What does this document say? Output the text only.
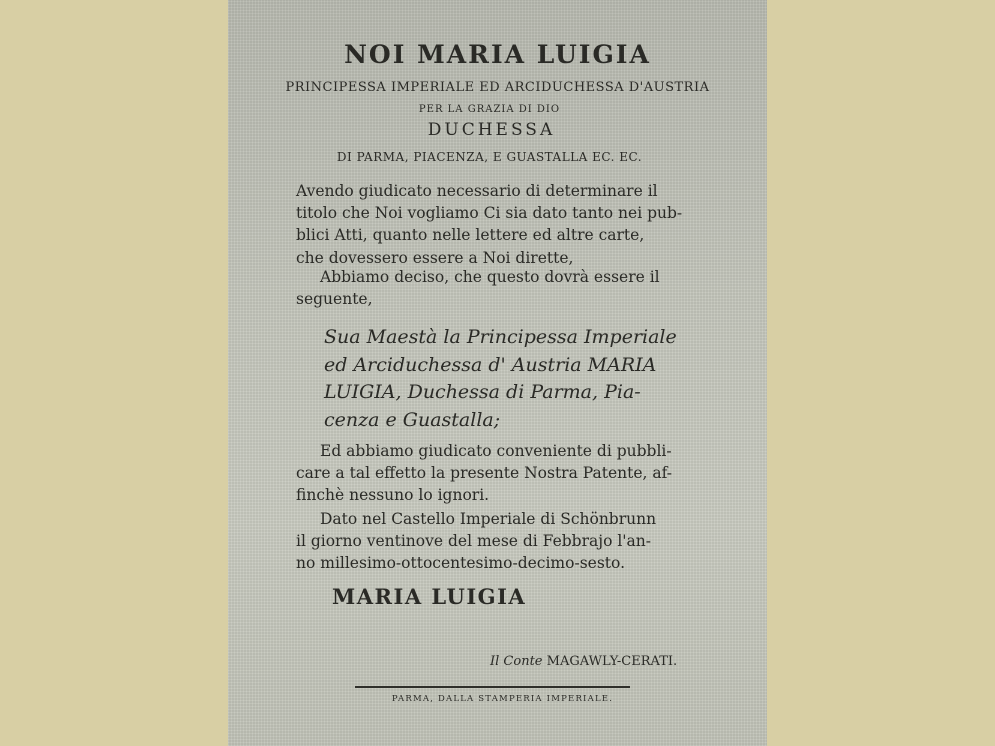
NOI MARIA LUIGIA
PRINCIPESSA IMPERIALE ED ARCIDUCHESSA D'AUSTRIA
PER LA GRAZIA DI DIO
DUCHESSA
DI PARMA, PIACENZA, E GUASTALLA EC. EC.
Avendo giudicato necessario di determinare il
titolo che Noi vogliamo Ci sia dato tanto nei pub-
blici Atti, quanto nelle lettere ed altre carte,
che dovessero essere a Noi dirette,
Abbiamo deciso, che questo dovrà essere il
seguente,
Sua Maestà la Principessa Imperiale
ed Arciduchessa d' Austria MARIA
LUIGIA, Duchessa di Parma, Pia-
cenza e Guastalla;
Ed abbiamo giudicato conveniente di pubbli-
care a tal effetto la presente Nostra Patente, af-
finchè nessuno lo ignori.
Dato nel Castello Imperiale di Schönbrunn
il giorno ventinove del mese di Febbrajo l'an-
no millesimo-ottocentesimo-decimo-sesto.
MARIA LUIGIA
Il Conte MAGAWLY-CERATI.
PARMA, DALLA STAMPERIA IMPERIALE.
